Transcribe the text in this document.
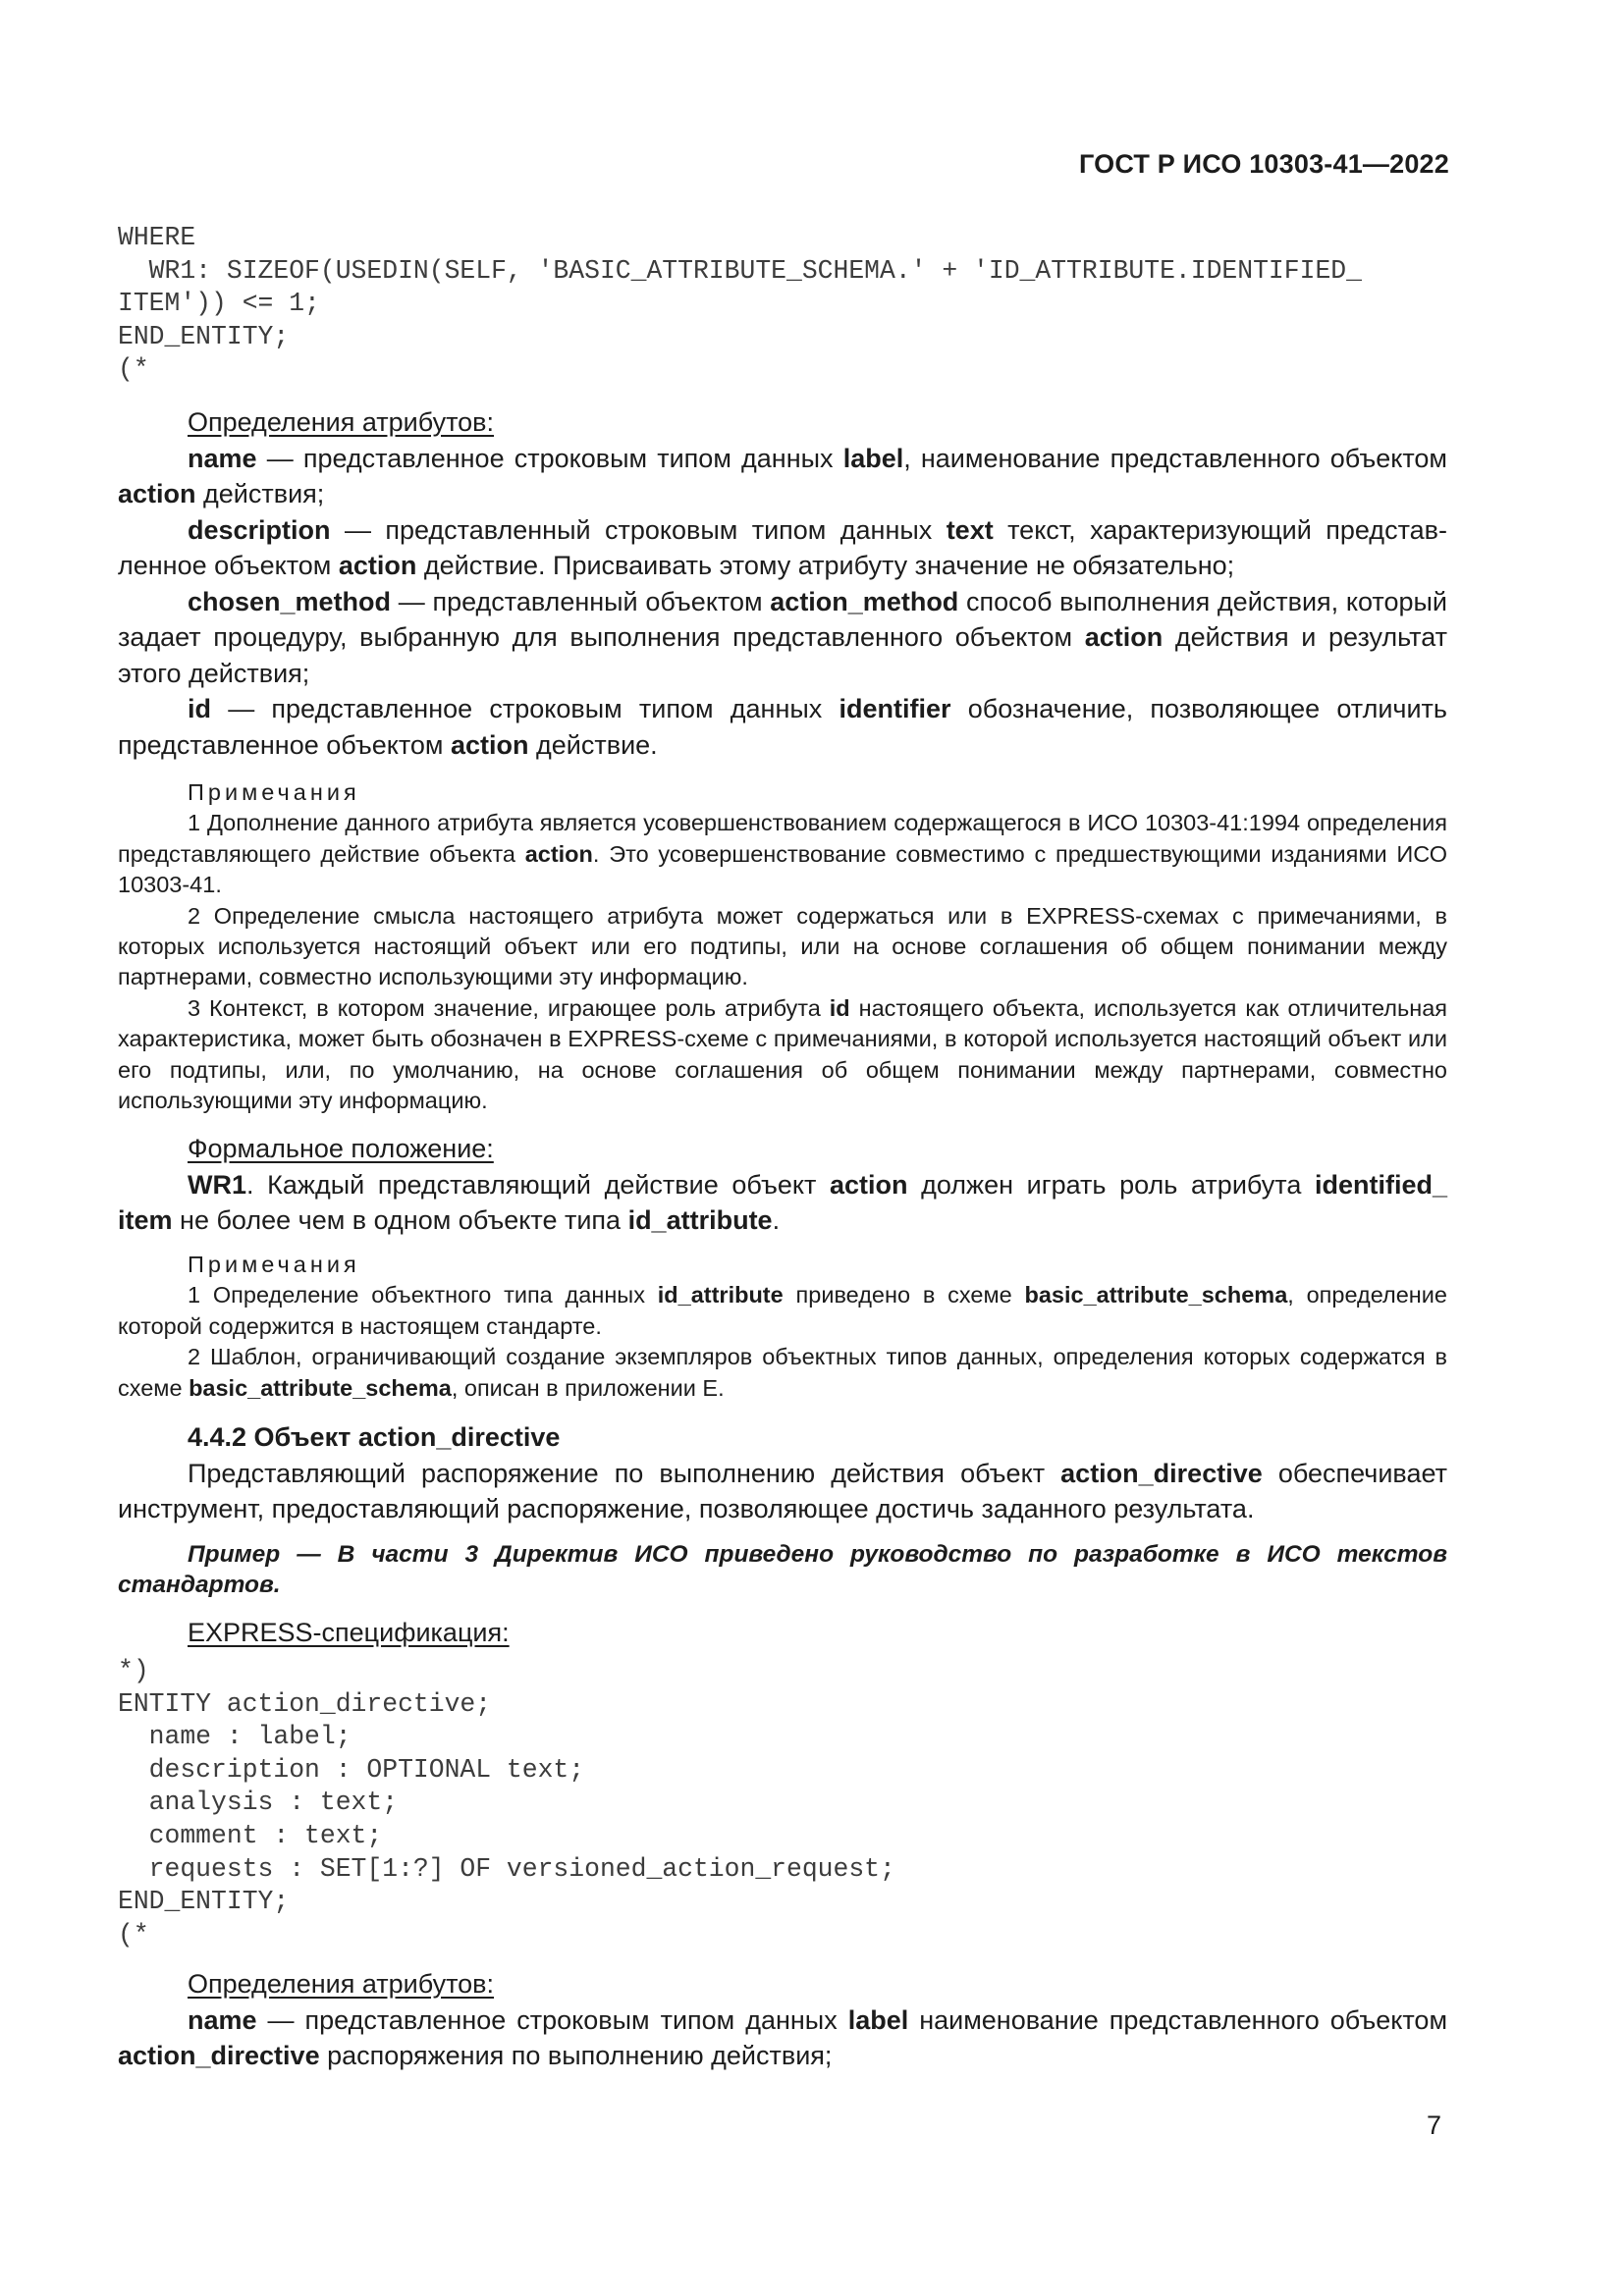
ГОСТ Р ИСО 10303-41—2022
WHERE
WR1: SIZEOF(USEDIN(SELF, 'BASIC_ATTRIBUTE_SCHEMA.' + 'ID_ATTRIBUTE.IDENTIFIED_
ITEM')) <= 1;
END_ENTITY;
(*

Определения атрибутов:

name — представленное строковым типом данных label, наименование представленного объектом action действия;

description — представленный строковым типом данных text текст, характеризующий представленное объектом action действие. Присваивать этому атрибуту значение не обязательно;

chosen_method — представленный объектом action_method способ выполнения действия, который задает процедуру, выбранную для выполнения представленного объектом action действия и результат этого действия;

id — представленное строковым типом данных identifier обозначение, позволяющее отличить представленное объектом action действие.

Примечания

1 Дополнение данного атрибута является усовершенствованием содержащегося в ИСО 10303-41:1994 определения представляющего действие объекта action. Это усовершенствование совместимо с предшествующими изданиями ИСО 10303-41.

2 Определение смысла настоящего атрибута может содержаться или в EXPRESS-схемах с примечаниями, в которых используется настоящий объект или его подтипы, или на основе соглашения об общем понимании между партнерами, совместно использующими эту информацию.

3 Контекст, в котором значение, играющее роль атрибута id настоящего объекта, используется как отличительная характеристика, может быть обозначен в EXPRESS-схеме с примечаниями, в которой используется настоящий объект или его подтипы, или, по умолчанию, на основе соглашения об общем понимании между партнерами, совместно использующими эту информацию.

Формальное положение:

WR1. Каждый представляющий действие объект action должен играть роль атрибута identified_ item не более чем в одном объекте типа id_attribute.

Примечания

1 Определение объектного типа данных id_attribute приведено в схеме basic_attribute_schema, определение которой содержится в настоящем стандарте.

2 Шаблон, ограничивающий создание экземпляров объектных типов данных, определения которых содержатся в схеме basic_attribute_schema, описан в приложении E.

4.4.2 Объект action_directive

Представляющий распоряжение по выполнению действия объект action_directive обеспечивает инструмент, предоставляющий распоряжение, позволяющее достичь заданного результата.

Пример — В части 3 Директив ИСО приведено руководство по разработке в ИСО текстов стандартов.

EXPRESS-спецификация:

*)
ENTITY action_directive;
name : label;
description : OPTIONAL text;
analysis : text;
comment : text;
requests : SET[1:?] OF versioned_action_request;
END_ENTITY;
(*

Определения атрибутов:

name — представленное строковым типом данных label наименование представленного объектом action_directive распоряжения по выполнению действия;

7
